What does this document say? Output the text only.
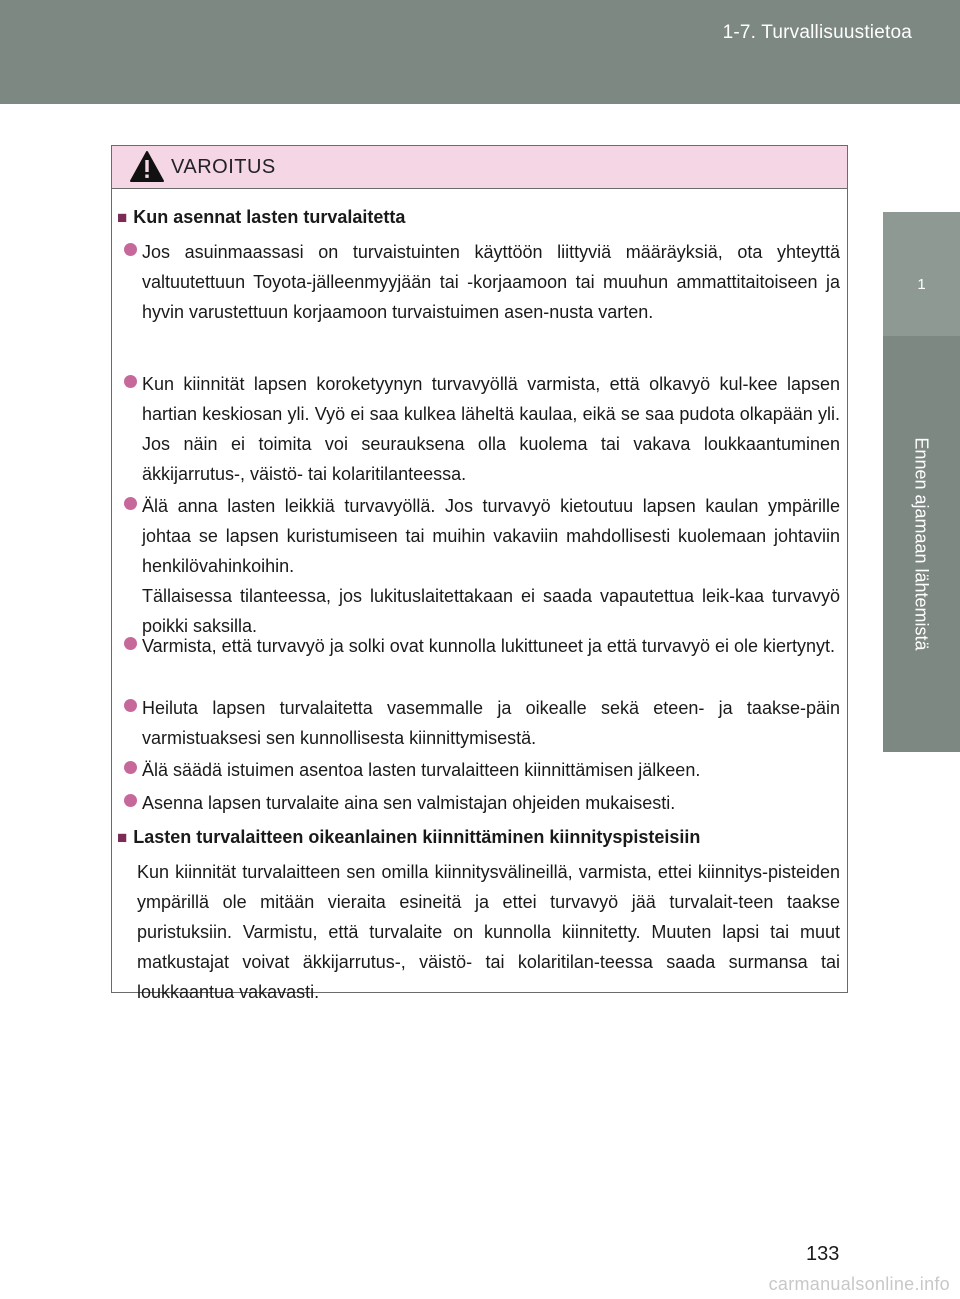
1-7. Turvallisuustietoa
1
Ennen ajamaan lähtemistä
VAROITUS
■ Kun asennat lasten turvalaitetta
Jos asuinmaassasi on turvaistuinten käyttöön liittyviä määräyksiä, ota yhteyttä valtuutettuun Toyota-jälleenmyyjään tai -korjaamoon tai muuhun ammattitaitoiseen ja hyvin varustettuun korjaamoon turvaistuimen asen-nusta varten.
Kun kiinnität lapsen koroketyynyn turvavyöllä varmista, että olkavyö kul-kee lapsen hartian keskiosan yli. Vyö ei saa kulkea läheltä kaulaa, eikä se saa pudota olkapään yli. Jos näin ei toimita voi seurauksena olla kuolema tai vakava loukkaantuminen äkkijarrutus-, väistö- tai kolaritilanteessa.
Älä anna lasten leikkiä turvavyöllä. Jos turvavyö kietoutuu lapsen kaulan ympärille johtaa se lapsen kuristumiseen tai muihin vakaviin mahdollisesti kuolemaan johtaviin henkilövahinkoihin.
Tällaisessa tilanteessa, jos lukituslaitettakaan ei saada vapautettua leik-kaa turvavyö poikki saksilla.
Varmista, että turvavyö ja solki ovat kunnolla lukittuneet ja että turvavyö ei ole kiertynyt.
Heiluta lapsen turvalaitetta vasemmalle ja oikealle sekä eteen- ja taakse-päin varmistuaksesi sen kunnollisesta kiinnittymisestä.
Älä säädä istuimen asentoa lasten turvalaitteen kiinnittämisen jälkeen.
Asenna lapsen turvalaite aina sen valmistajan ohjeiden mukaisesti.
■ Lasten turvalaitteen oikeanlainen kiinnittäminen kiinnityspisteisiin
Kun kiinnität turvalaitteen sen omilla kiinnitysvälineillä, varmista, ettei kiinnitys-pisteiden ympärillä ole mitään vieraita esineitä ja ettei turvavyö jää turvalait-teen taakse puristuksiin. Varmistu, että turvalaite on kunnolla kiinnitetty. Muuten lapsi tai muut matkustajat voivat äkkijarrutus-, väistö- tai kolaritilan-teessa saada surmansa tai loukkaantua vakavasti.
133
carmanualsonline.info
